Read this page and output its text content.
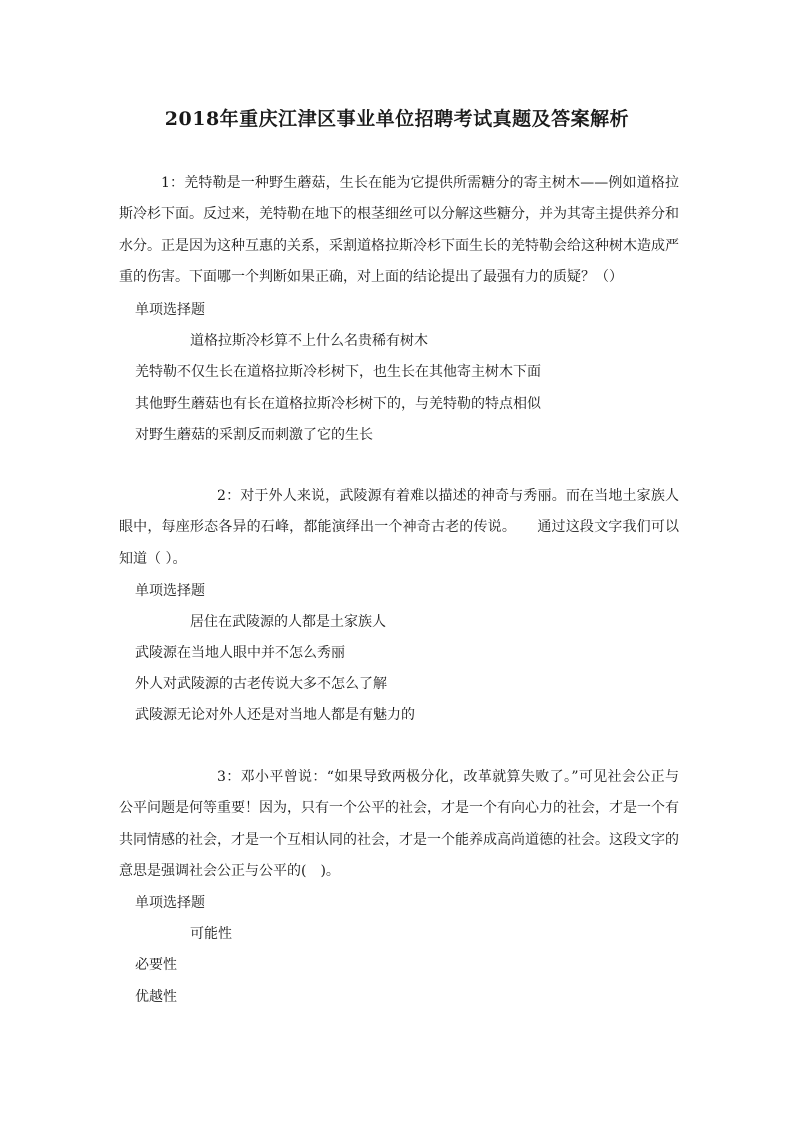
2018年重庆江津区事业单位招聘考试真题及答案解析

1：羌特勒是一种野生蘑菇，生长在能为它提供所需糖分的寄主树木——例如道格拉斯冷杉下面。反过来，羌特勒在地下的根茎细丝可以分解这些糖分，并为其寄主提供养分和水分。正是因为这种互惠的关系，采割道格拉斯冷杉下面生长的羌特勒会给这种树木造成严重的伤害。下面哪一个判断如果正确，对上面的结论提出了最强有力的质疑？（）

单项选择题
道格拉斯冷杉算不上什么名贵稀有树木
羌特勒不仅生长在道格拉斯冷杉树下，也生长在其他寄主树木下面
其他野生蘑菇也有长在道格拉斯冷杉树下的，与羌特勒的特点相似
对野生蘑菇的采割反而刺激了它的生长

2：对于外人来说，武陵源有着难以描述的神奇与秀丽。而在当地土家族人眼中，每座形态各异的石峰，都能演绎出一个神奇古老的传说。　　通过这段文字我们可以知道（ ）。

单项选择题
居住在武陵源的人都是土家族人
武陵源在当地人眼中并不怎么秀丽
外人对武陵源的古老传说大多不怎么了解
武陵源无论对外人还是对当地人都是有魅力的

3：邓小平曾说：“如果导致两极分化，改革就算失败了。”可见社会公正与公平问题是何等重要！因为，只有一个公平的社会，才是一个有向心力的社会，才是一个有共同情感的社会，才是一个互相认同的社会，才是一个能养成高尚道德的社会。这段文字的意思是强调社会公正与公平的(　)。

单项选择题
可能性
必要性
优越性
